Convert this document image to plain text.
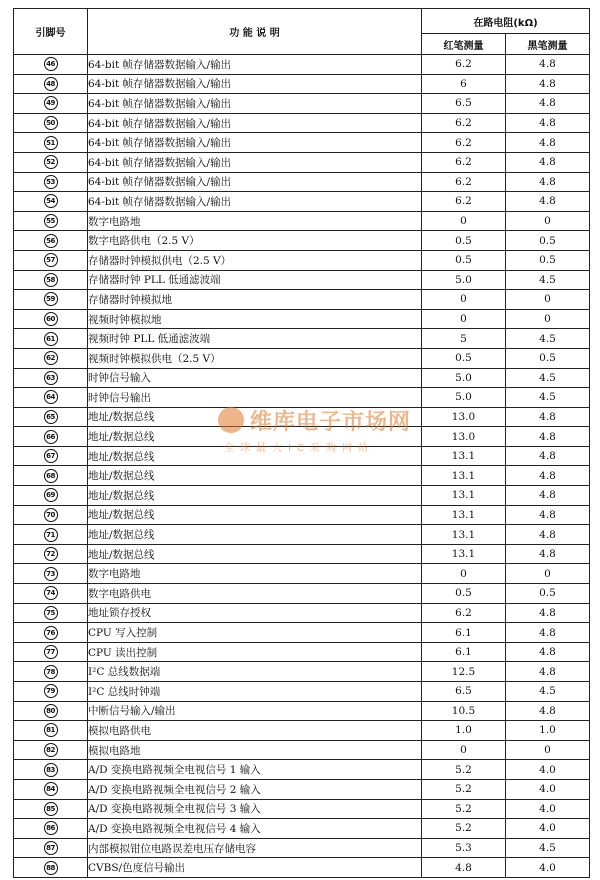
引脚号	功 能 说 明	在路电阻(kΩ)	
		红笔测量	黑笔测量
46	64-bit 帧存储器数据输入/输出	6.2	4.8
48	64-bit 帧存储器数据输入/输出	6	4.8
49	64-bit 帧存储器数据输入/输出	6.5	4.8
50	64-bit 帧存储器数据输入/输出	6.2	4.8
51	64-bit 帧存储器数据输入/输出	6.2	4.8
52	64-bit 帧存储器数据输入/输出	6.2	4.8
53	64-bit 帧存储器数据输入/输出	6.2	4.8
54	64-bit 帧存储器数据输入/输出	6.2	4.8
55	数字电路地	0	0
56	数字电路供电（2.5 V）	0.5	0.5
57	存储器时钟模拟供电（2.5 V）	0.5	0.5
58	存储器时钟 PLL 低通滤波端	5.0	4.5
59	存储器时钟模拟地	0	0
60	视频时钟模拟地	0	0
61	视频时钟 PLL 低通滤波端	5	4.5
62	视频时钟模拟供电（2.5 V）	0.5	0.5
63	时钟信号输入	5.0	4.5
64	时钟信号输出	5.0	4.5
65	地址/数据总线	13.0	4.8
66	地址/数据总线	13.0	4.8
67	地址/数据总线	13.1	4.8
68	地址/数据总线	13.1	4.8
69	地址/数据总线	13.1	4.8
70	地址/数据总线	13.1	4.8
71	地址/数据总线	13.1	4.8
72	地址/数据总线	13.1	4.8
73	数字电路地	0	0
74	数字电路供电	0.5	0.5
75	地址锁存授权	6.2	4.8
76	CPU 写入控制	6.1	4.8
77	CPU 读出控制	6.1	4.8
78	I²C 总线数据端	12.5	4.8
79	I²C 总线时钟端	6.5	4.5
80	中断信号输入/输出	10.5	4.8
81	模拟电路供电	1.0	1.0
82	模拟电路地	0	0
83	A/D 变换电路视频全电视信号 1 输入	5.2	4.0
84	A/D 变换电路视频全电视信号 2 输入	5.2	4.0
85	A/D 变换电路视频全电视信号 3 输入	5.2	4.0
86	A/D 变换电路视频全电视信号 4 输入	5.2	4.0
87	内部模拟钳位电路误差电压存储电容	5.3	4.5
88	CVBS/色度信号输出	4.8	4.0
维库电子市场网
全球最大IC采购网站
